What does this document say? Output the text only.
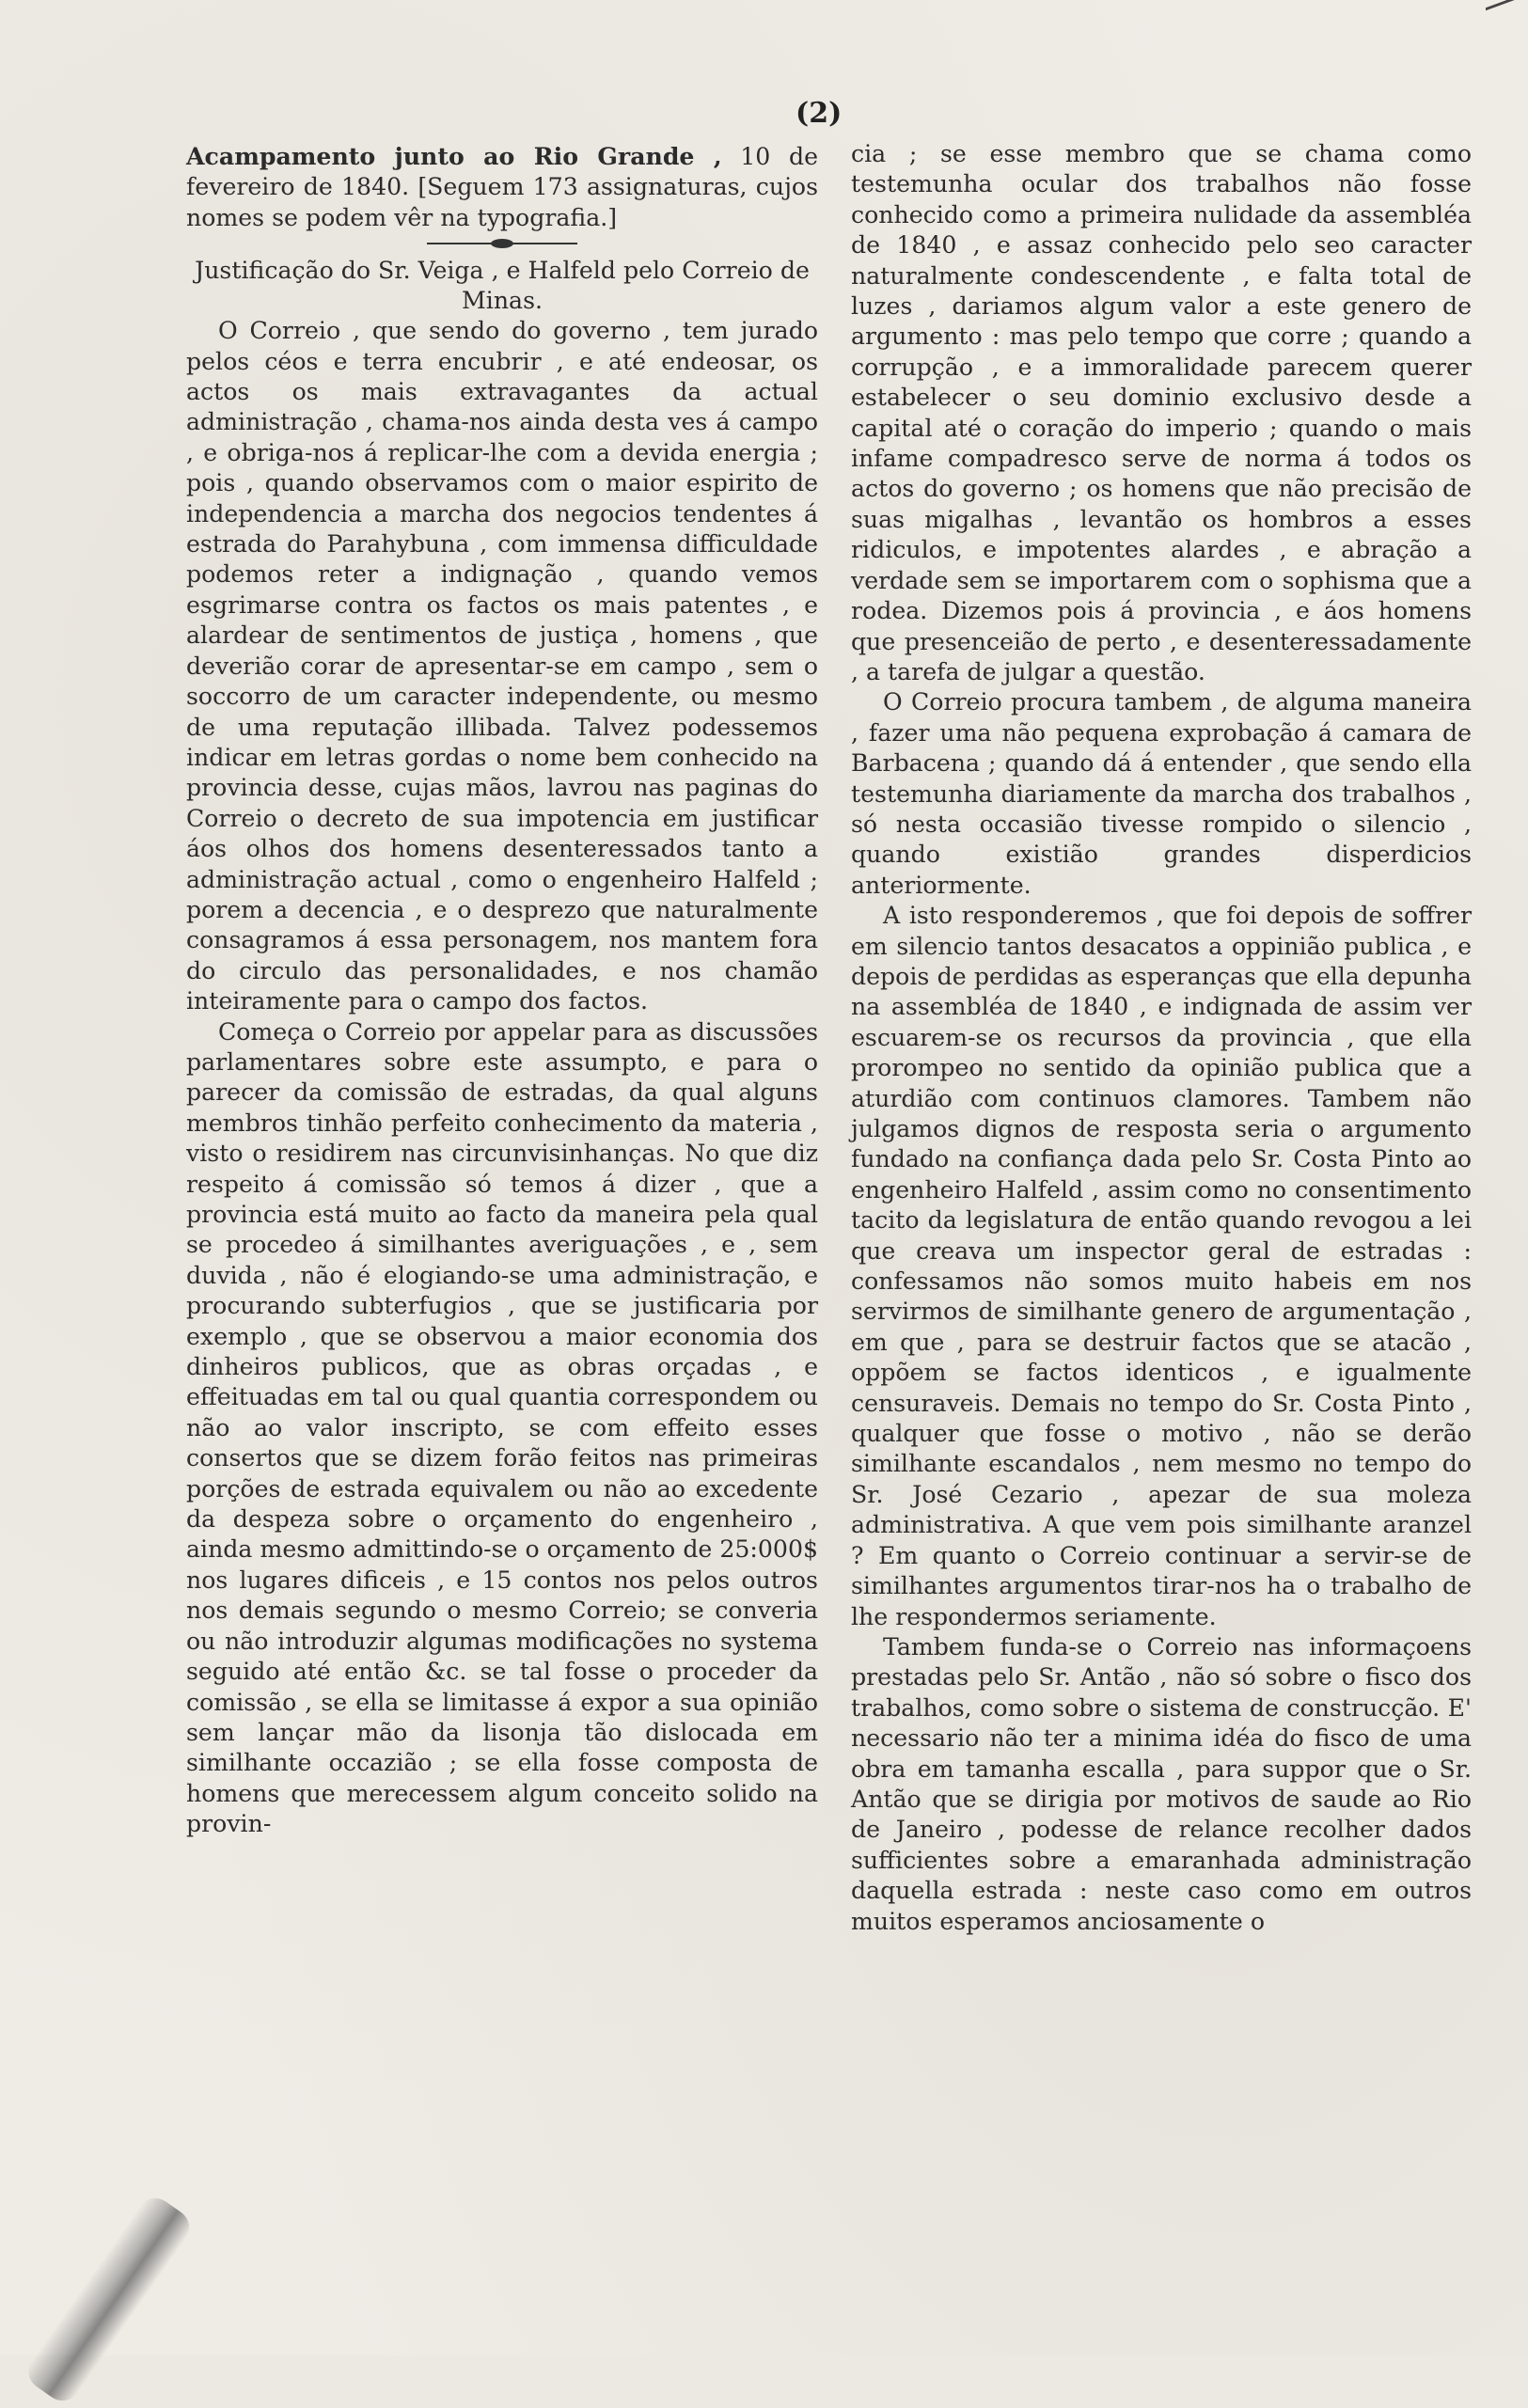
(2)

Acampamento junto ao Rio Grande , 10 de fevereiro de 1840. [Seguem 173 assignaturas, cujos nomes se podem vêr na typografia.]

Justificação do Sr. Veiga , e Halfeld pelo Correio de Minas.

O Correio , que sendo do governo , tem jurado pelos céos e terra encubrir , e até endeosar, os actos os mais extravagantes da actual administração , chama-nos ainda desta ves á campo , e obriga-nos á replicar-lhe com a devida energia ; pois , quando observamos com o maior espirito de independencia a marcha dos negocios tendentes á estrada do Parahybuna , com immensa difficuldade podemos reter a indignação , quando vemos esgrimarse contra os factos os mais patentes , e alardear de sentimentos de justiça , homens , que deverião corar de apresentar-se em campo , sem o soccorro de um caracter independente, ou mesmo de uma reputação illibada. Talvez podessemos indicar em letras gordas o nome bem conhecido na provincia desse, cujas mãos, lavrou nas paginas do Correio o decreto de sua impotencia em justificar áos olhos dos homens desenteressados tanto a administração actual , como o engenheiro Halfeld ; porem a decencia , e o desprezo que naturalmente consagramos á essa personagem, nos mantem fora do circulo das personalidades, e nos chamão inteiramente para o campo dos factos.

Começa o Correio por appelar para as discussões parlamentares sobre este assumpto, e para o parecer da comissão de estradas, da qual alguns membros tinhão perfeito conhecimento da materia , visto o residirem nas circunvisinhanças. No que diz respeito á comissão só temos á dizer , que a provincia está muito ao facto da maneira pela qual se procedeo á similhantes averiguações , e , sem duvida , não é elogiando-se uma administração, e procurando subterfugios , que se justificaria por exemplo , que se observou a maior economia dos dinheiros publicos, que as obras orçadas , e effeituadas em tal ou qual quantia correspondem ou não ao valor inscripto, se com effeito esses consertos que se dizem forão feitos nas primeiras porções de estrada equivalem ou não ao excedente da despeza sobre o orçamento do engenheiro , ainda mesmo admittindo-se o orçamento de 25:000$ nos lugares dificeis , e 15 contos nos pelos outros nos demais segundo o mesmo Correio; se converia ou não introduzir algumas modificações no systema seguido até então &c. se tal fosse o proceder da comissão , se ella se limitasse á expor a sua opinião sem lançar mão da lisonja tão dislocada em similhante occazião ; se ella fosse composta de homens que merecessem algum conceito solido na provin-

cia ; se esse membro que se chama como testemunha ocular dos trabalhos não fosse conhecido como a primeira nulidade da assembléa de 1840 , e assaz conhecido pelo seo caracter naturalmente condescendente , e falta total de luzes , dariamos algum valor a este genero de argumento : mas pelo tempo que corre ; quando a corrupção , e a immoralidade parecem querer estabelecer o seu dominio exclusivo desde a capital até o coração do imperio ; quando o mais infame compadresco serve de norma á todos os actos do governo ; os homens que não precisão de suas migalhas , levantão os hombros a esses ridiculos, e impotentes alardes , e abração a verdade sem se importarem com o sophisma que a rodea. Dizemos pois á provincia , e áos homens que presenceião de perto , e desenteressadamente , a tarefa de julgar a questão.

O Correio procura tambem , de alguma maneira , fazer uma não pequena exprobação á camara de Barbacena ; quando dá á entender , que sendo ella testemunha diariamente da marcha dos trabalhos , só nesta occasião tivesse rompido o silencio , quando existião grandes disperdicios anteriormente.

A isto responderemos , que foi depois de soffrer em silencio tantos desacatos a oppinião publica , e depois de perdidas as esperanças que ella depunha na assembléa de 1840 , e indignada de assim ver escuarem-se os recursos da provincia , que ella prorompeo no sentido da opinião publica que a aturdião com continuos clamores. Tambem não julgamos dignos de resposta seria o argumento fundado na confiança dada pelo Sr. Costa Pinto ao engenheiro Halfeld , assim como no consentimento tacito da legislatura de então quando revogou a lei que creava um inspector geral de estradas : confessamos não somos muito habeis em nos servirmos de similhante genero de argumentação , em que , para se destruir factos que se atacão , oppõem se factos identicos , e igualmente censuraveis. Demais no tempo do Sr. Costa Pinto , qualquer que fosse o motivo , não se derão similhante escandalos , nem mesmo no tempo do Sr. José Cezario , apezar de sua moleza administrativa. A que vem pois similhante aranzel ? Em quanto o Correio continuar a servir-se de similhantes argumentos tirar-nos ha o trabalho de lhe respondermos seriamente.

Tambem funda-se o Correio nas informaçoens prestadas pelo Sr. Antão , não só sobre o fisco dos trabalhos, como sobre o sistema de construcção. E' necessario não ter a minima idéa do fisco de uma obra em tamanha escalla , para suppor que o Sr. Antão que se dirigia por motivos de saude ao Rio de Janeiro , podesse de relance recolher dados sufficientes sobre a emaranhada administração daquella estrada : neste caso como em outros muitos esperamos anciosamente o
